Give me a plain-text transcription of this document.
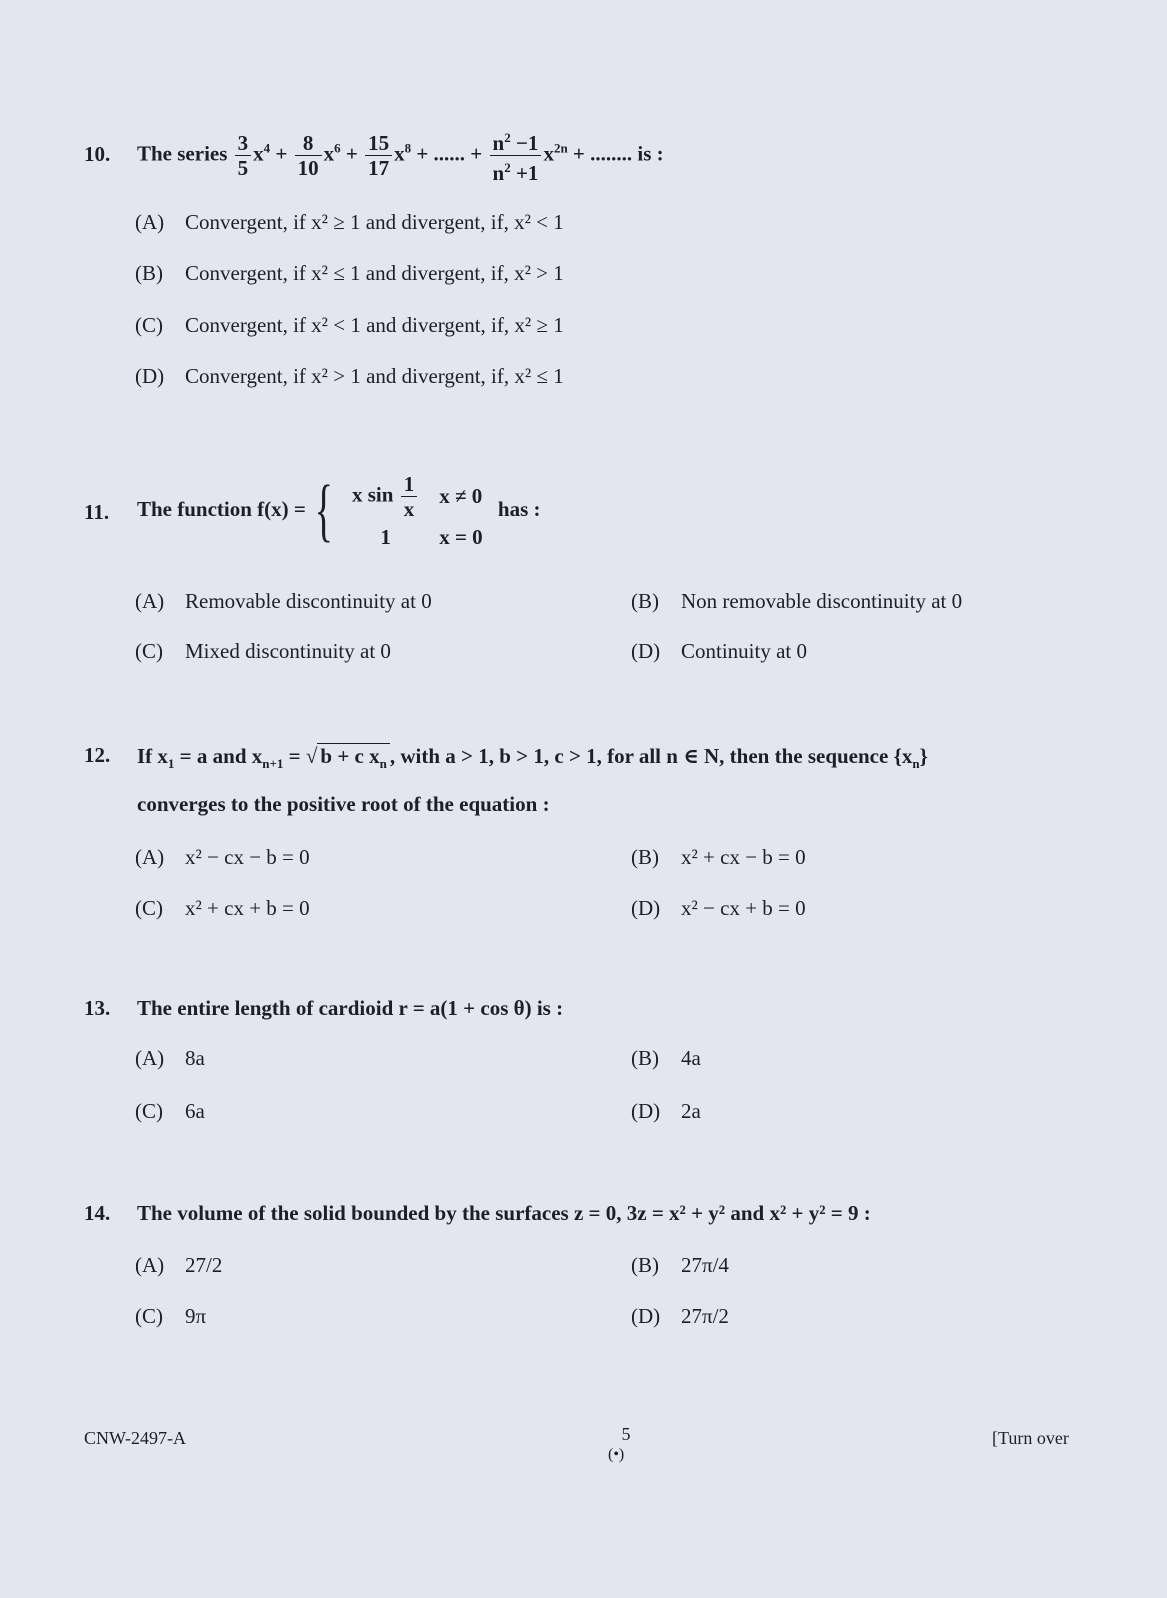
10. The series $\frac{3}{5} x^4 + \frac{8}{10} x^6 + \frac{15}{17} x^8$ + ...... + $\frac{n^2 -1}{n^2 +1} x^{2n}$ + ........ is :
(A) Convergent, if x² ≥ 1 and divergent, if, x² < 1
(B) Convergent, if x² ≤ 1 and divergent, if, x² > 1
(C) Convergent, if x² < 1 and divergent, if, x² ≥ 1
(D) Convergent, if x² > 1 and divergent, if, x² ≤ 1
11. The function f(x) = { x $\sin \frac{1}{x}$	x ≠ 0
1	x = 0
has :
(A) Removable discontinuity at 0	(B) Non removable discontinuity at 0
(C) Mixed discontinuity at 0	(D) Continuity at 0
12. If $x_1 = a$ and $x_{n+1}$ = √ b + c $x_n$ , with a > 1, b > 1, c > 1, for all n ∈ N, then the sequence $\{x_n\}$
converges to the positive root of the equation :
(A) x² − cx − b = 0	(B) x² + cx − b = 0
(C) x² + cx + b = 0	(D) x² − cx + b = 0
13. The entire length of cardioid r = a(1 + cos θ) is :
(A) 8a	(B) 4a
(C) 6a	(D) 2a
14. The volume of the solid bounded by the surfaces z = 0, 3z = x² + y² and x² + y² = 9 :
(A) 27/2	(B) 27π/4
(C) 9π	(D) 27π/2
CNW-2497-A	5
(•)
[Turn over
